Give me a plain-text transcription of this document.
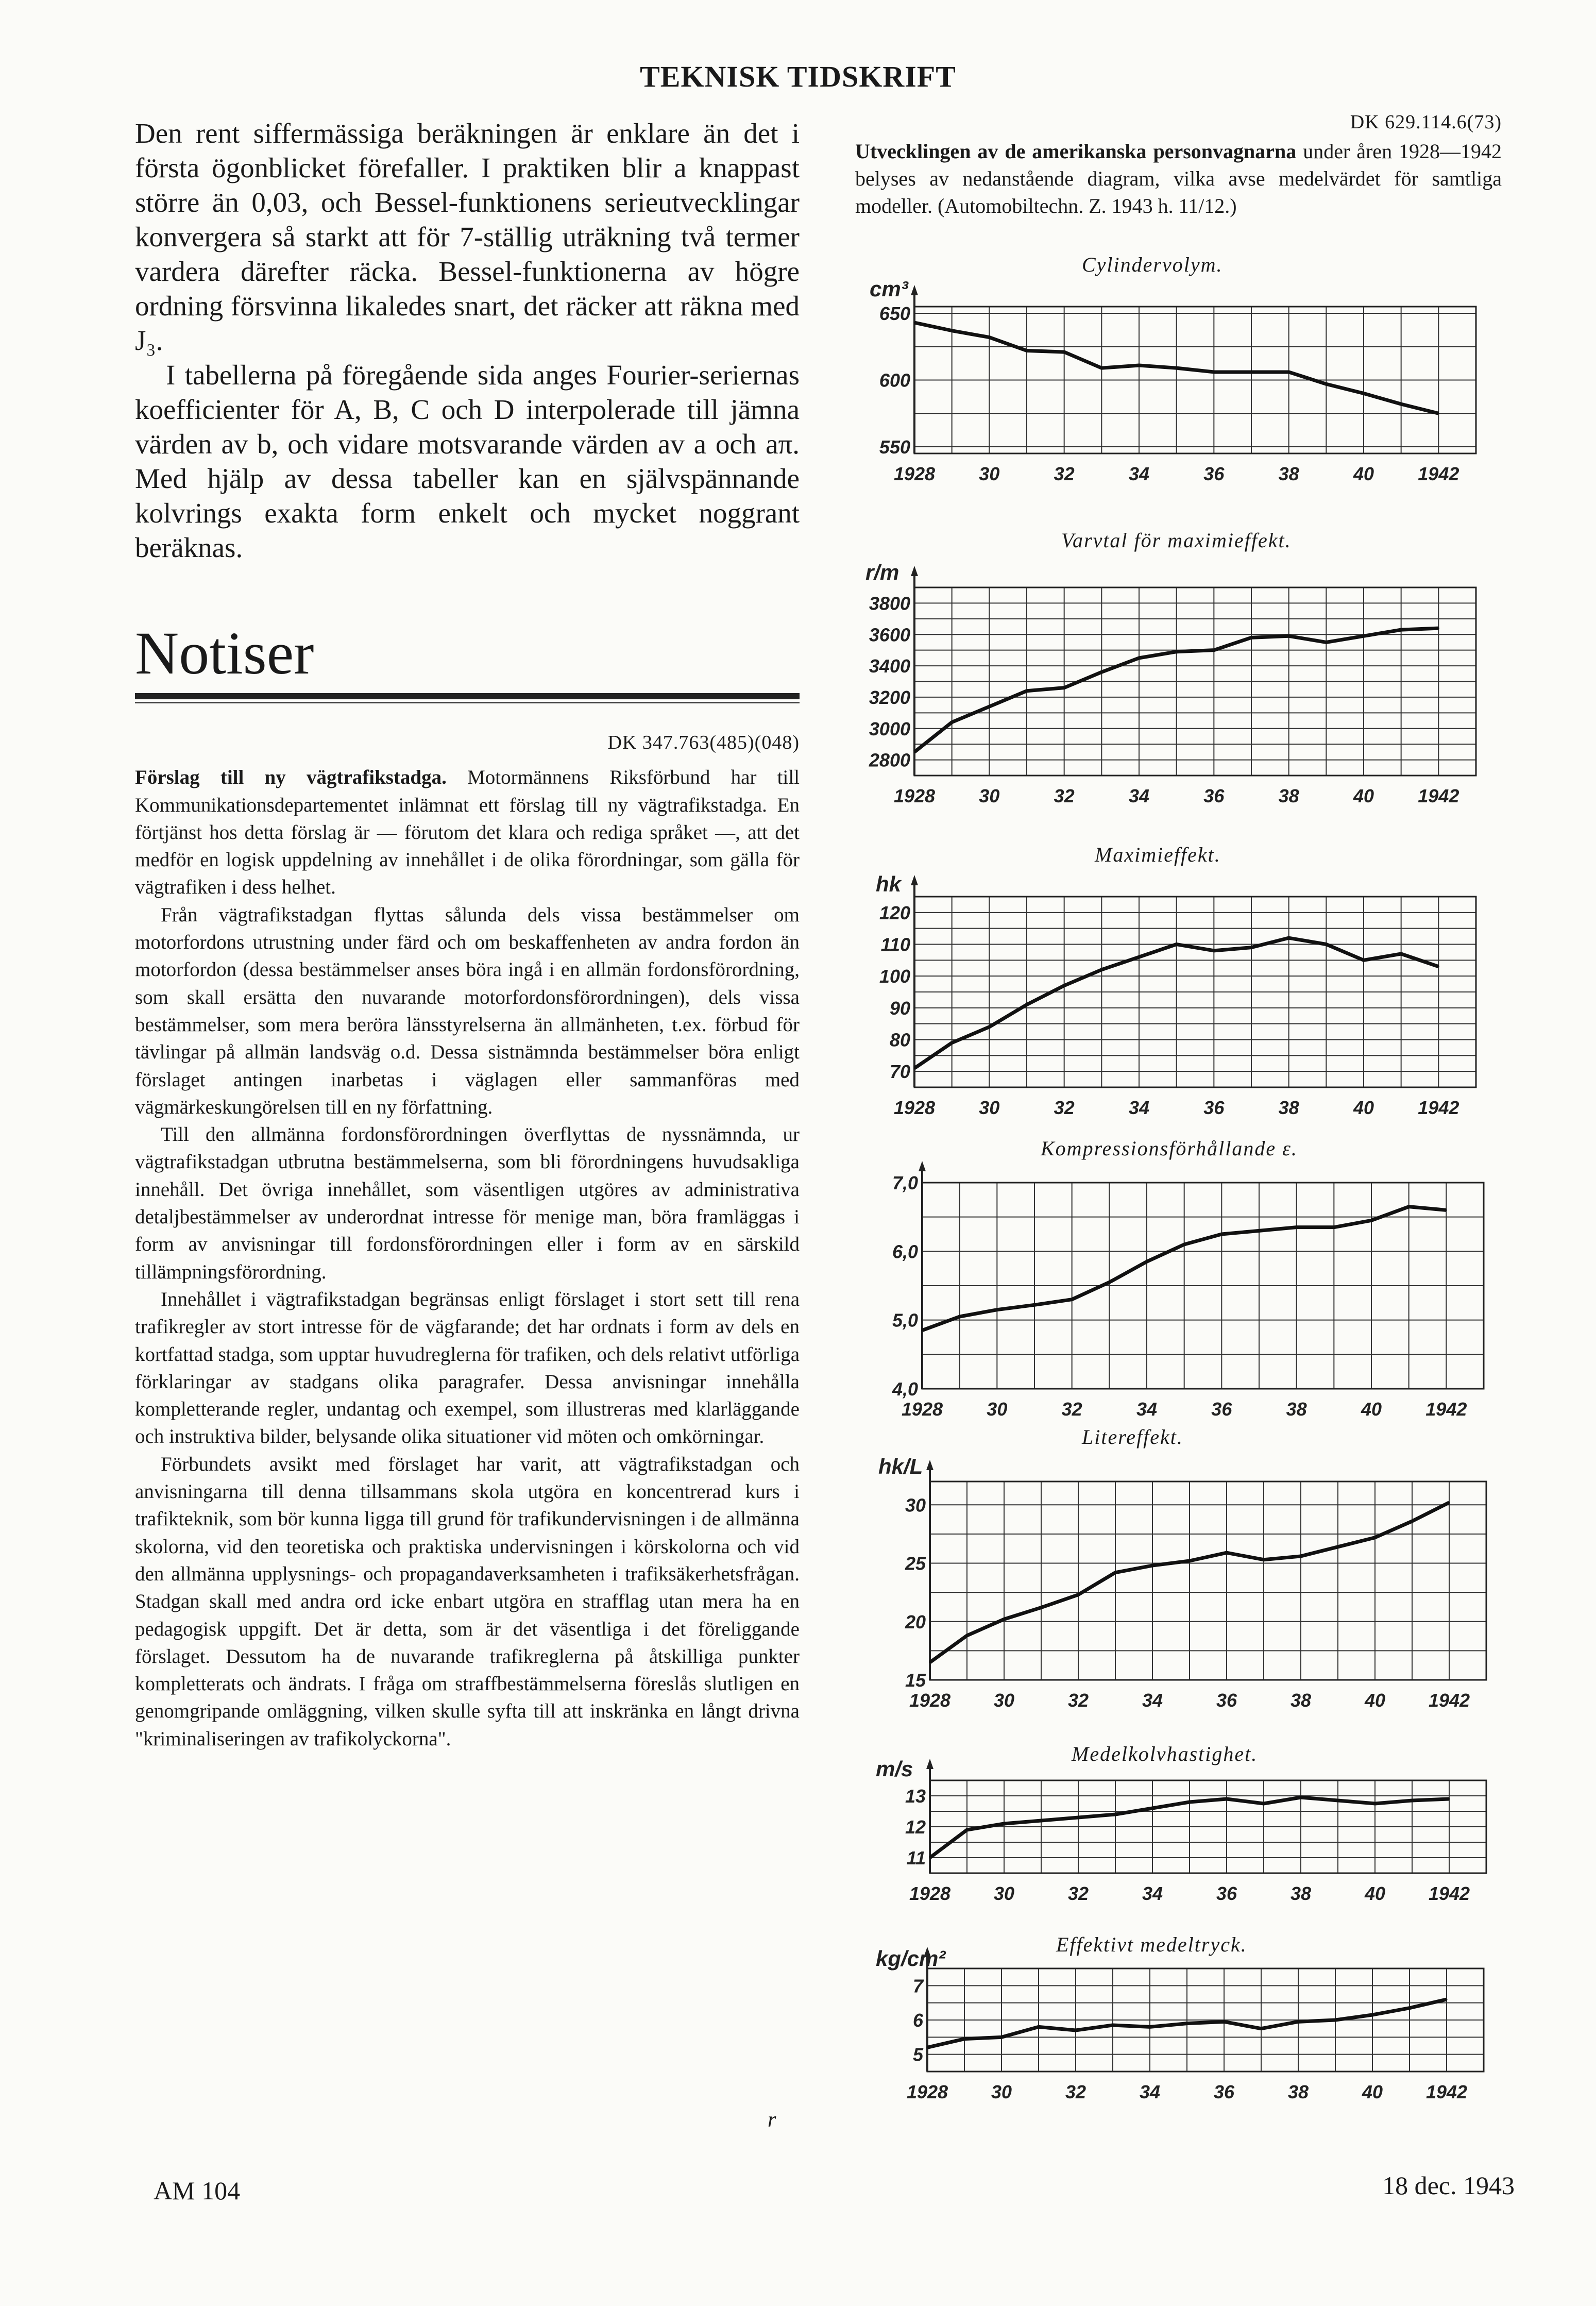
TEKNISK TIDSKRIFT

Den rent siffermässiga beräkningen är enklare än det i första ögonblicket förefaller. I praktiken blir a knappast större än 0,03, och Bessel-funktionens serieutvecklingar konvergera så starkt att för 7-ställig uträkning två termer vardera därefter räcka. Bessel-funktionerna av högre ordning försvinna likaledes snart, det räcker att räkna med J₃.

I tabellerna på föregående sida anges Fourier-seriernas koefficienter för A, B, C och D interpolerade till jämna värden av b, och vidare motsvarande värden av a och aπ. Med hjälp av dessa tabeller kan en självspännande kolvrings exakta form enkelt och mycket noggrant beräknas.

Notiser
DK 347.763(485)(048)

Förslag till ny vägtrafikstadga. Motormännens Riksförbund har till Kommunikationsdepartementet inlämnat ett förslag till ny vägtrafikstadga. En förtjänst hos detta förslag är — förutom det klara och rediga språket —, att det medför en logisk uppdelning av innehållet i de olika förordningar, som gälla för vägtrafiken i dess helhet.

Från vägtrafikstadgan flyttas sålunda dels vissa bestämmelser om motorfordons utrustning under färd och om beskaffenheten av andra fordon än motorfordon (dessa bestämmelser anses böra ingå i en allmän fordonsförordning, som skall ersätta den nuvarande motorfordonsförordningen), dels vissa bestämmelser, som mera beröra länsstyrelserna än allmänheten, t.ex. förbud för tävlingar på allmän landsväg o.d. Dessa sistnämnda bestämmelser böra enligt förslaget antingen inarbetas i väglagen eller sammanföras med vägmärkeskungörelsen till en ny författning.

Till den allmänna fordonsförordningen överflyttas de nyssnämnda, ur vägtrafikstadgan utbrutna bestämmelserna, som bli förordningens huvudsakliga innehåll. Det övriga innehållet, som väsentligen utgöres av administrativa detaljbestämmelser av underordnat intresse för menige man, böra framläggas i form av anvisningar till fordonsförordningen eller i form av en särskild tillämpningsförordning.

Innehållet i vägtrafikstadgan begränsas enligt förslaget i stort sett till rena trafikregler av stort intresse för de vägfarande; det har ordnats i form av dels en kortfattad stadga, som upptar huvudreglerna för trafiken, och dels relativt utförliga förklaringar av stadgans olika paragrafer. Dessa anvisningar innehålla kompletterande regler, undantag och exempel, som illustreras med klarläggande och instruktiva bilder, belysande olika situationer vid möten och omkörningar.

Förbundets avsikt med förslaget har varit, att vägtrafikstadgan och anvisningarna till denna tillsammans skola utgöra en koncentrerad kurs i trafikteknik, som bör kunna ligga till grund för trafikundervisningen i de allmänna skolorna, vid den teoretiska och praktiska undervisningen i körskolorna och vid den allmänna upplysnings- och propagandaverksamheten i trafiksäkerhetsfrågan. Stadgan skall med andra ord icke enbart utgöra en strafflag utan mera ha en pedagogisk uppgift. Det är detta, som är det väsentliga i det föreliggande förslaget. Dessutom ha de nuvarande trafikreglerna på åtskilliga punkter kompletterats och ändrats. I fråga om straffbestämmelserna föreslås slutligen en genomgripande omläggning, vilken skulle syfta till att inskränka en långt drivna "kriminaliseringen av trafikolyckorna".

r
DK 629.114.6(73)
Utvecklingen av de amerikanska personvagnarna under åren 1928—1942 belyses av nedanstående diagram, vilka avse medelvärdet för samtliga modeller. (Automobiltechn. Z. 1943 h. 11/12.)
Cylindervolym.
550
600
650
1928 30	32	34	36	38	40 1942
cm³
Varvtal för maximieffekt.
2800
3000
3200
3400
3600
3800
1928 30	32	34	36	38	40 1942
r/m
Maximieffekt.
70
80
90
100
110
120
1928 30	32	34	36	38	40 1942
hk
Kompressionsförhållande ε.
4,0
5,0
6,0
7,0
1928 30	32	34	36	38	40 1942
Litereffekt.
15
20
25
30
1928 30	32	34	36	38	40 1942
hk/L
Medelkolvhastighet.
11
12
13
1928 30	32	34	36	38	40 1942
m/s
Effektivt medeltryck.
5
6
7
1928 30	32	34	36	38	40 1942
kg/cm²
AM 104	18 dec. 1943
